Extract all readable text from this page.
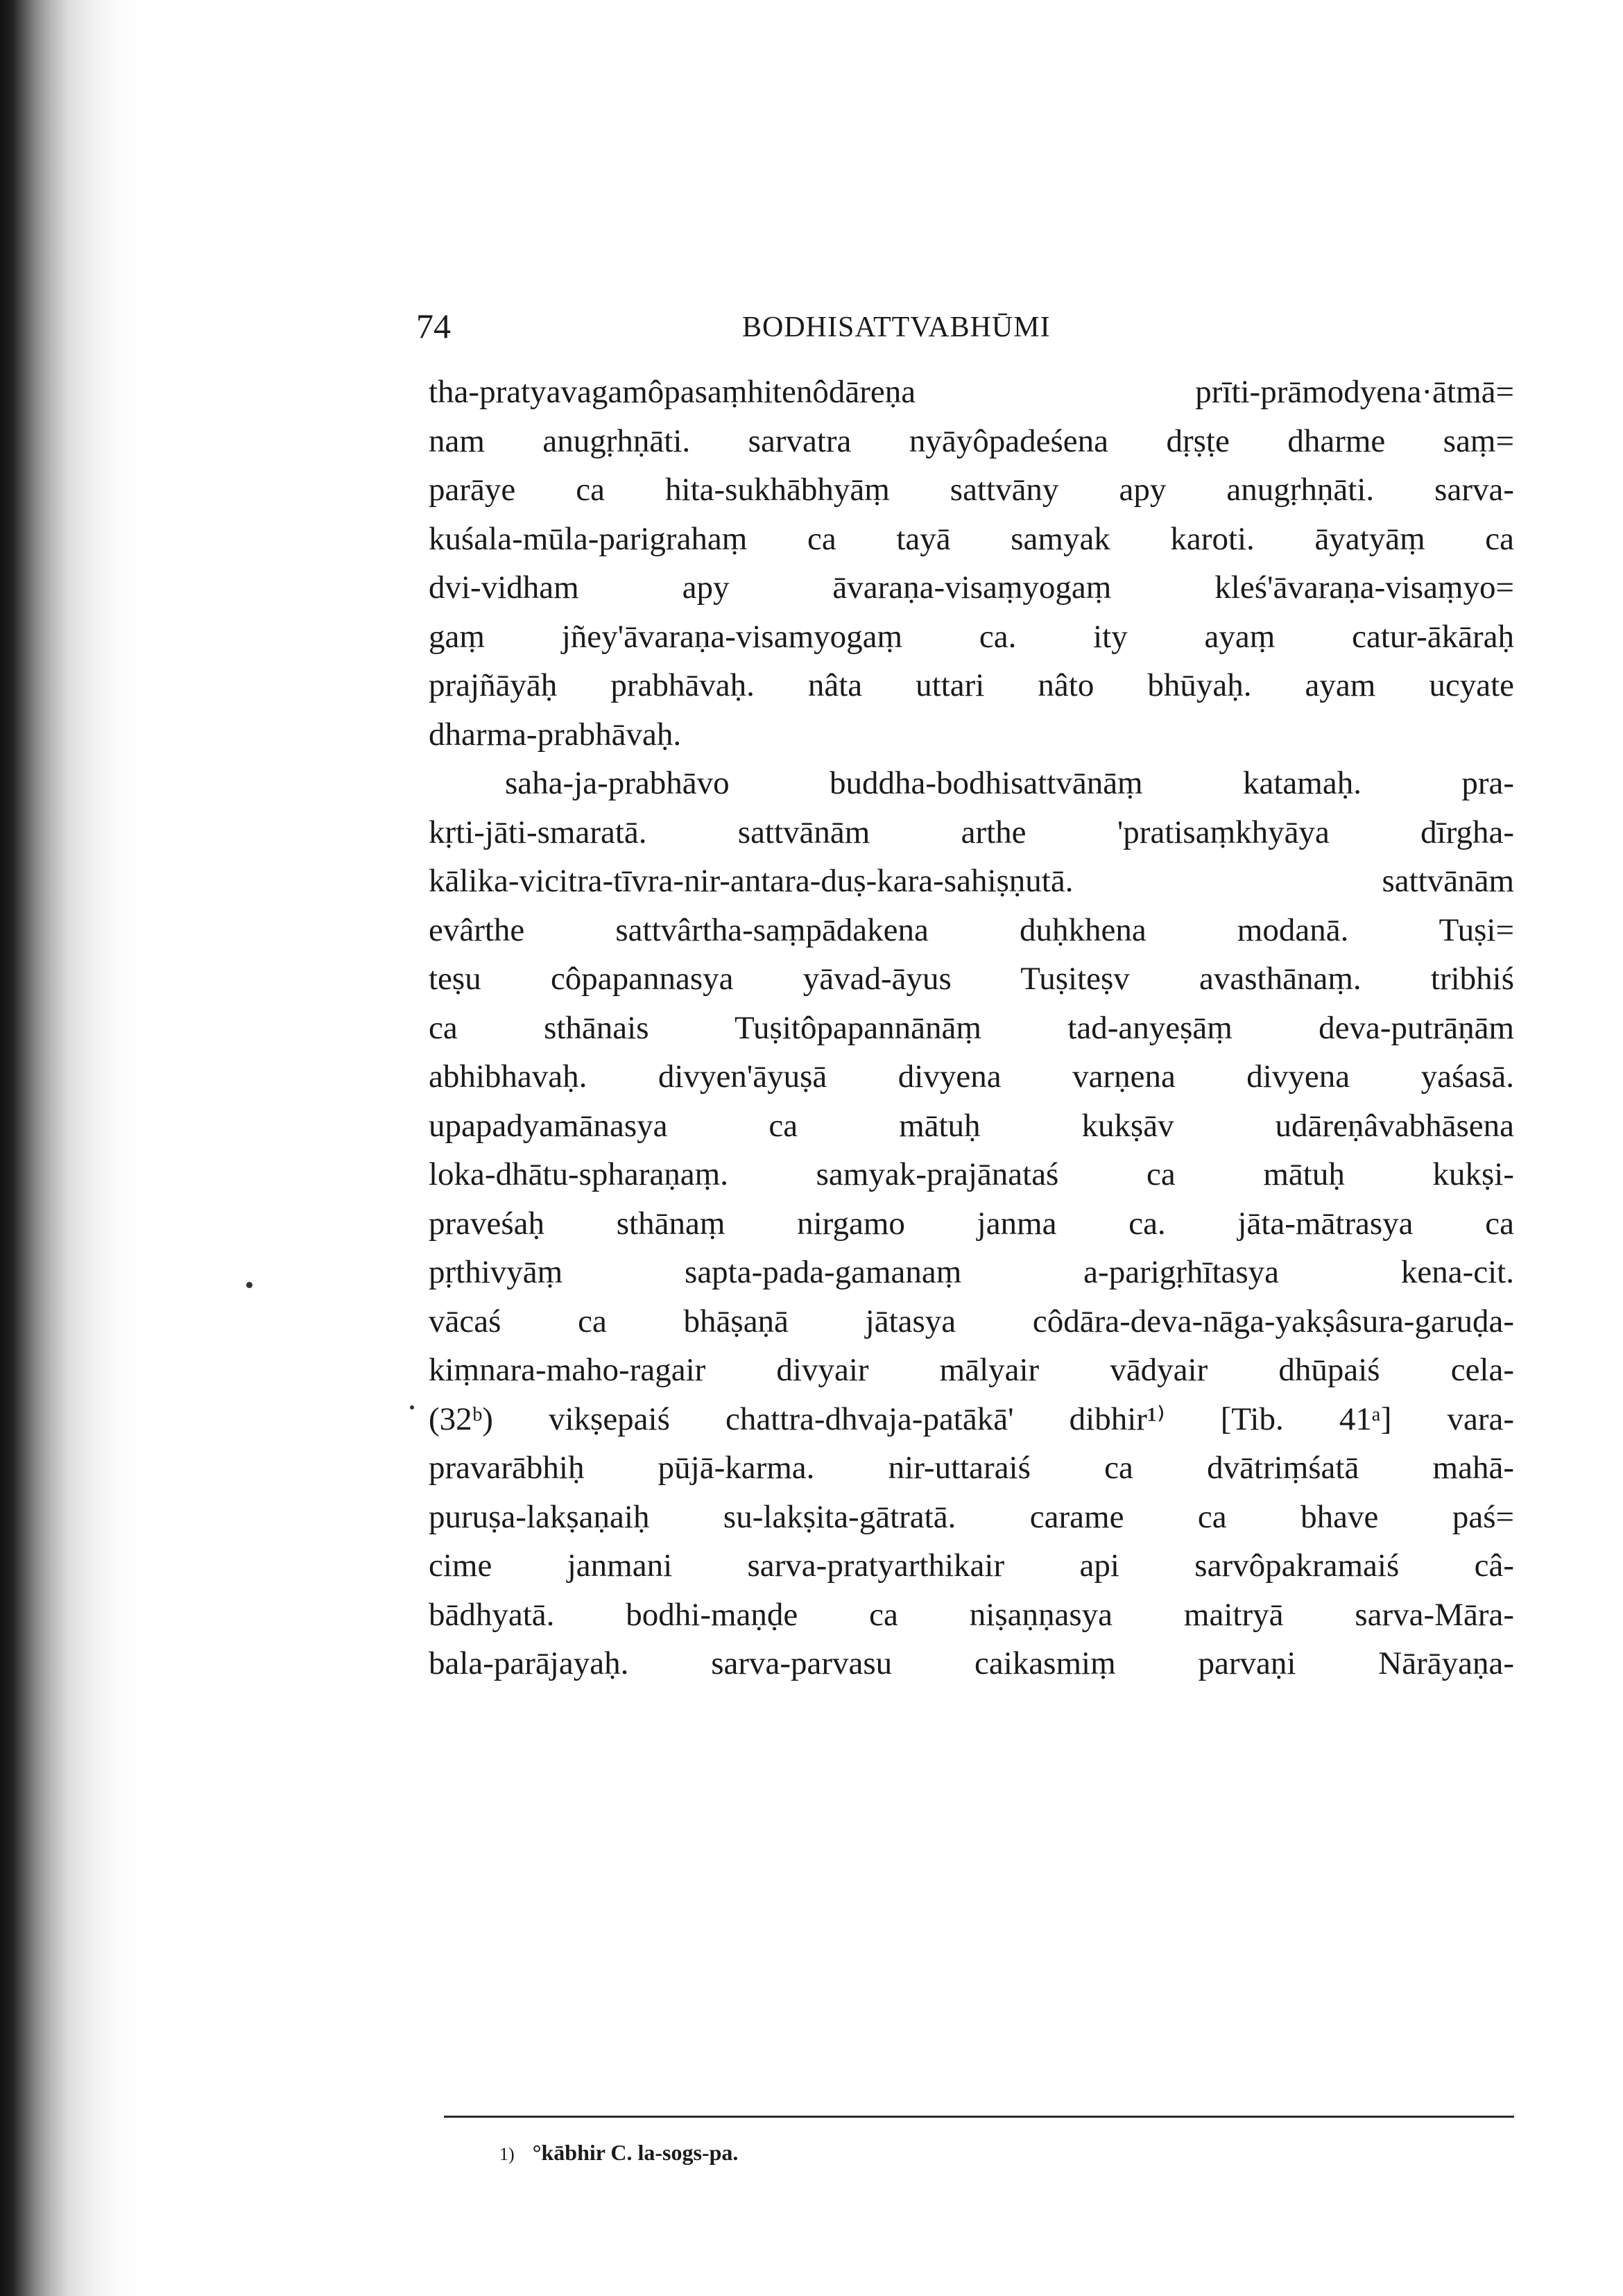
74	BODHISATTVABHŪMI
tha-pratyavagamôpasaṃhitenôdāreṇa prīti-prāmodyena·ātmā=
nam anugṛhṇāti. sarvatra nyāyôpadeśena dṛṣṭe dharme saṃ=
parāye ca hita-sukhābhyāṃ sattvāny apy anugṛhṇāti. sarva-
kuśala-mūla-parigrahaṃ ca tayā samyak karoti. āyatyāṃ ca
dvi-vidham apy āvaraṇa-visaṃyogaṃ kleś'āvaraṇa-visaṃyo=
gaṃ jñey'āvaraṇa-visamyogaṃ ca. ity ayaṃ catur-ākāraḥ
prajñāyāḥ prabhāvaḥ. nâta uttari nâto bhūyaḥ. ayam ucyate
dharma-prabhāvaḥ.
saha-ja-prabhāvo buddha-bodhisattvānāṃ katamaḥ. pra-
kṛti-jāti-smaratā. sattvānām arthe 'pratisaṃkhyāya dīrgha-
kālika-vicitra-tīvra-nir-antara-duṣ-kara-sahiṣṇutā. sattvānām
evârthe sattvârtha-saṃpādakena duḥkhena modanā. Tuṣi=
teṣu côpapannasya yāvad-āyus Tuṣiteṣv avasthānaṃ. tribhiś
ca sthānais Tuṣitôpapannānāṃ tad-anyeṣāṃ deva-putrāṇām
abhibhavaḥ. divyen'āyuṣā divyena varṇena divyena yaśasā.
upapadyamānasya ca mātuḥ kukṣāv udāreṇâvabhāsena
loka-dhātu-spharaṇaṃ. samyak-prajānataś ca mātuḥ kukṣi-
praveśaḥ sthānaṃ nirgamo janma ca. jāta-mātrasya ca
pṛthivyāṃ sapta-pada-gamanaṃ a-parigṛhītasya kena-cit.
vācaś ca bhāṣaṇā jātasya côdāra-deva-nāga-yakṣâsura-garuḍa-
kiṃnara-maho-ragair divyair mālyair vādyair dhūpaiś cela-
(32ᵇ) vikṣepaiś chattra-dhvaja-patākā' dibhir¹⁾ [Tib. 41ᵃ] vara-
pravarābhiḥ pūjā-karma. nir-uttaraiś ca dvātriṃśatā mahā-
puruṣa-lakṣaṇaiḥ su-lakṣita-gātratā. carame ca bhave paś=
cime janmani sarva-pratyarthikair api sarvôpakramaiś câ-
bādhyatā. bodhi-maṇḍe ca niṣaṇṇasya maitryā sarva-Māra-
bala-parājayaḥ. sarva-parvasu caikasmiṃ parvaṇi Nārāyaṇa-
1) °kābhir C. la-sogs-pa.
